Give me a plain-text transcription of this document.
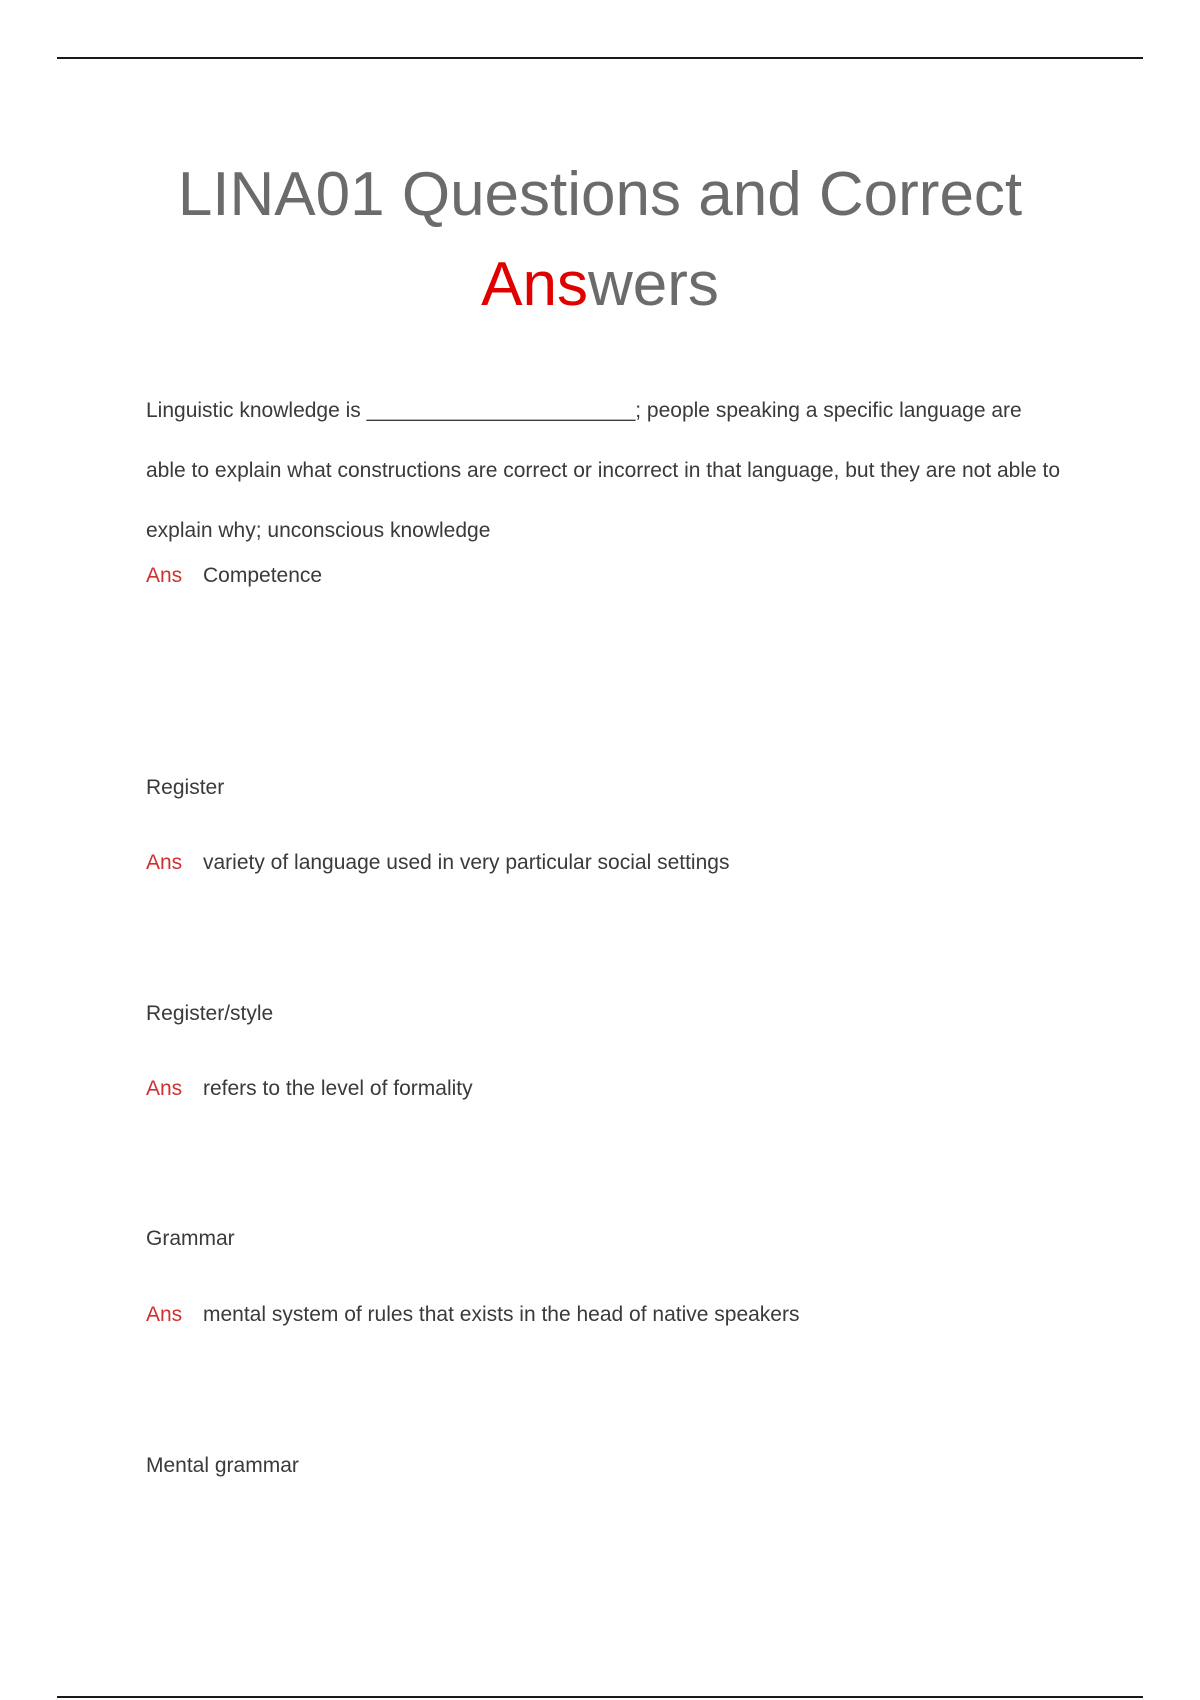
LINA01 Questions and Correct
Answers

Linguistic knowledge is _______________________; people speaking a specific language are able to explain what constructions are correct or incorrect in that language, but they are not able to explain why; unconscious knowledge

Ans Competence

Register

Ans variety of language used in very particular social settings

Register/style

Ans refers to the level of formality

Grammar

Ans mental system of rules that exists in the head of native speakers

Mental grammar
